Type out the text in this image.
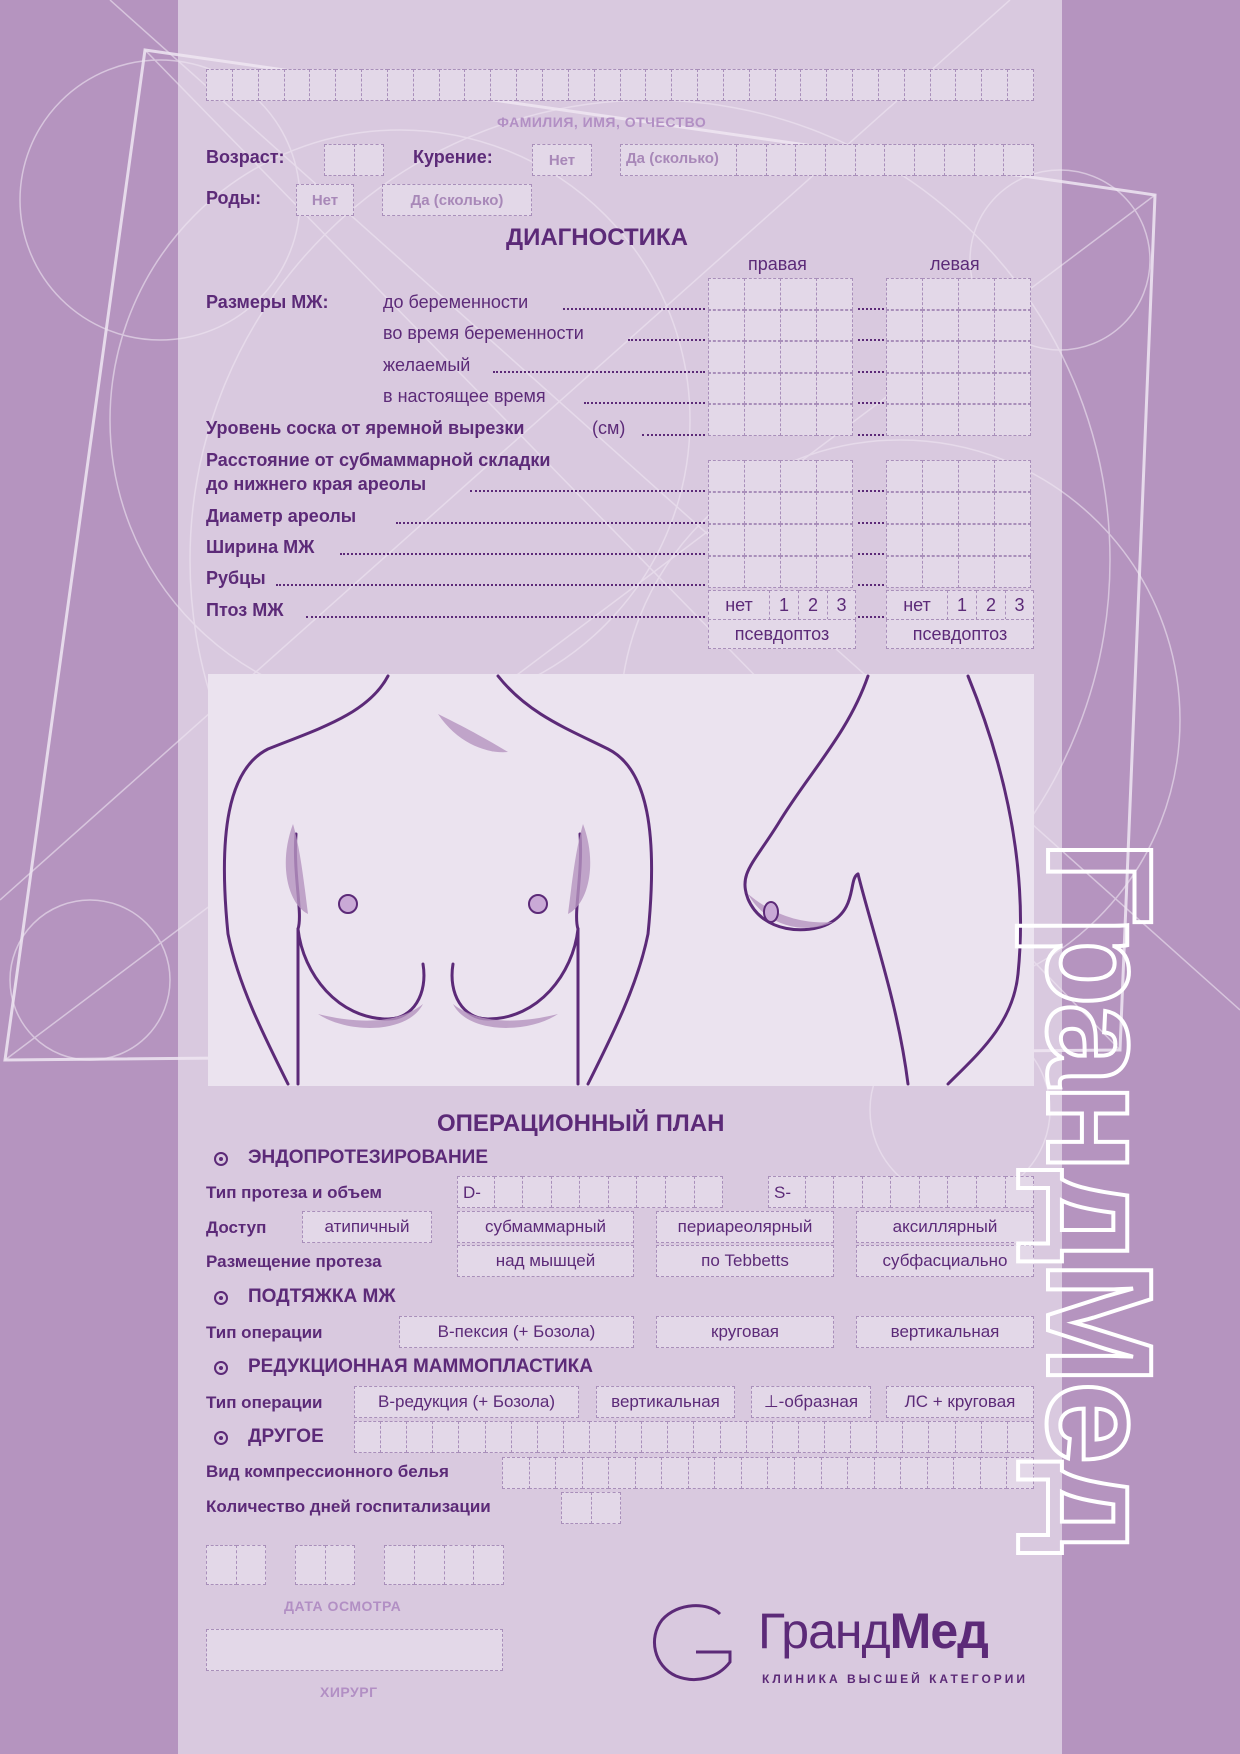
ФАМИЛИЯ, ИМЯ, ОТЧЕСТВО
Возраст:	Курение:	Нет	Да (сколько)
Роды:	Нет	Да (сколько)
ДИАГНОСТИКА
правая	левая
Размеры МЖ:	до беременности
во время беременности
желаемый
в настоящее время
Уровень соска от яремной вырезки	(см)
Расстояние от субмаммарной складки
до нижнего края ареолы
Диаметр ареолы
Ширина МЖ
Рубцы
Птоз МЖ	нет	1	2	3
псевдоптоз
нет	1	2	3
псевдоптоз
ОПЕРАЦИОННЫЙ ПЛАН
ЭНДОПРОТЕЗИРОВАНИЕ
Тип протеза и объем	D-	S-
Доступ	атипичный	субмаммарный	периареолярный	аксиллярный
Размещение протеза	над мышцей	по Tebbetts	субфасциально
ПОДТЯЖКА МЖ
Тип операции	В-пексия (+ Бозола)	круговая	вертикальная
РЕДУКЦИОННАЯ МАММОПЛАСТИКА
Тип операции	В-редукция (+ Бозола)	вертикальная	⊥-образная	ЛС + круговая
ДРУГОЕ
Вид компрессионного белья
Количество дней госпитализации
ДАТА ОСМОТРА
ХИРУРГ
ГрандМед
КЛИНИКА ВЫСШЕЙ КАТЕГОРИИ
ГрандМед
